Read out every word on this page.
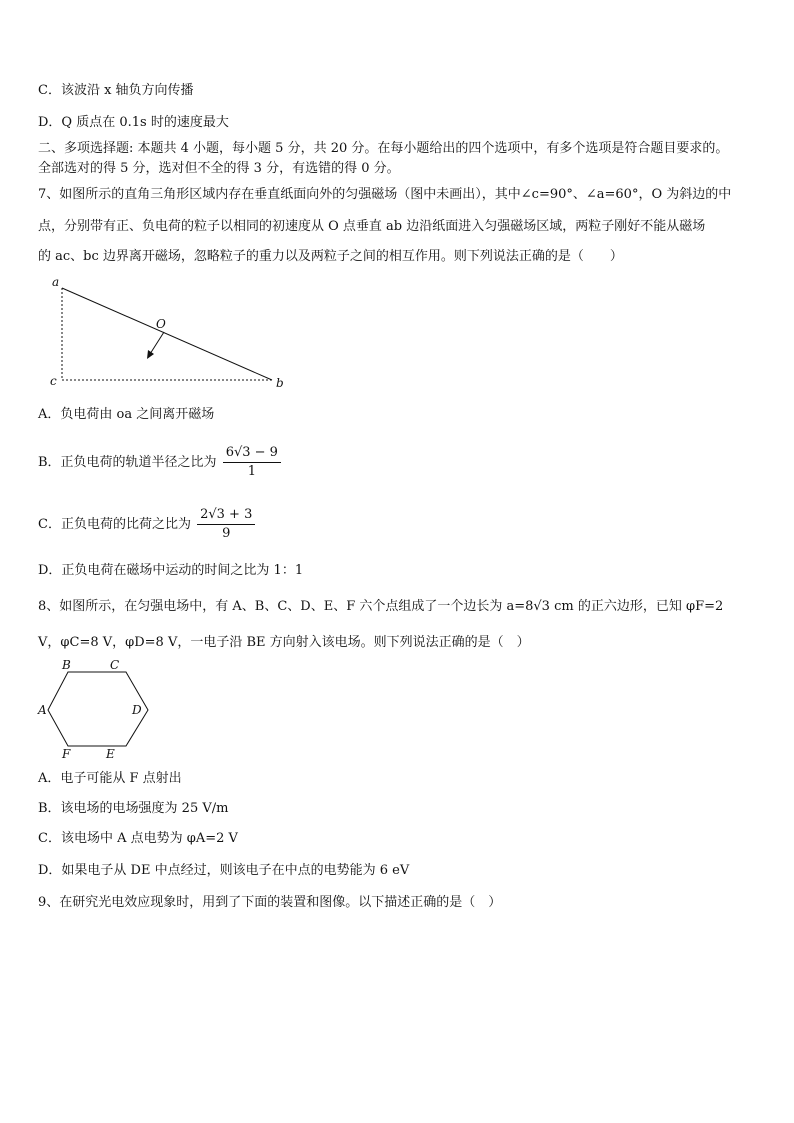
C．该波沿 x 轴负方向传播
D．Q 质点在 0.1s 时的速度最大
二、多项选择题: 本题共 4 小题，每小题 5 分，共 20 分。在每小题给出的四个选项中，有多个选项是符合题目要求的。
全部选对的得 5 分，选对但不全的得 3 分，有选错的得 0 分。
7、如图所示的直角三角形区域内存在垂直纸面向外的匀强磁场（图中未画出），其中∠c=90°、∠a=60°，O 为斜边的中
点，分别带有正、负电荷的粒子以相同的初速度从 O 点垂直 ab 边沿纸面进入匀强磁场区域，两粒子刚好不能从磁场
的 ac、bc 边界离开磁场，忽略粒子的重力以及两粒子之间的相互作用。则下列说法正确的是（　　）
a
b
c
O
A．负电荷由 oa 之间离开磁场
B．正负电荷的轨道半径之比为 $\frac{6√3 - 9}{1}$
C．正负电荷的比荷之比为 $\frac{2√3 + 3}{9}$
D．正负电荷在磁场中运动的时间之比为 1：1
8、如图所示，在匀强电场中，有 A、B、C、D、E、F 六个点组成了一个边长为 a=8√3 cm 的正六边形，已知 φF=2
V，φC=8 V，φD=8 V，一电子沿 BE 方向射入该电场。则下列说法正确的是（　）
B	C
A	D
F	E
A．电子可能从 F 点射出
B．该电场的电场强度为 25 V/m
C．该电场中 A 点电势为 φA=2 V
D．如果电子从 DE 中点经过，则该电子在中点的电势能为 6 eV
9、在研究光电效应现象时，用到了下面的装置和图像。以下描述正确的是（　）
